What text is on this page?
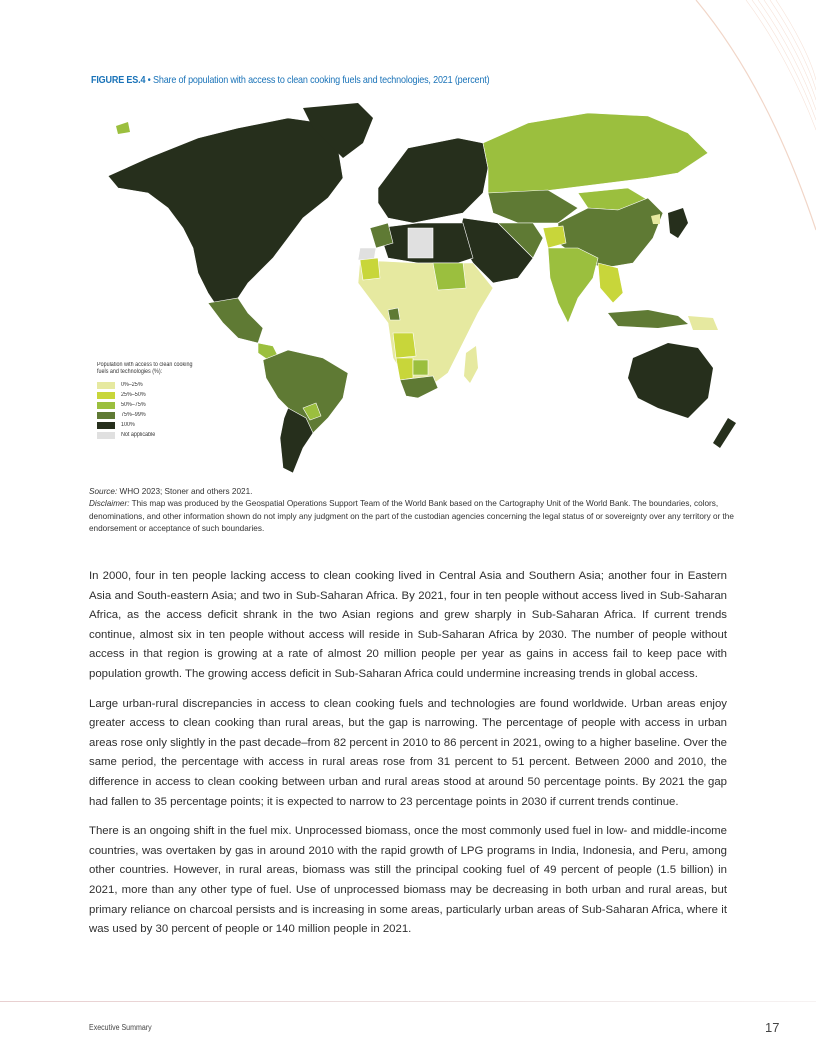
FIGURE ES.4 • Share of population with access to clean cooking fuels and technologies, 2021 (percent)
Population with access to clean cooking fuels and technologies (%):
0%–25%
25%–50%
50%–75%
75%–99%
100%
Not applicable
Source: WHO 2023; Stoner and others 2021.
Disclaimer: This map was produced by the Geospatial Operations Support Team of the World Bank based on the Cartography Unit of the World Bank. The boundaries, colors, denominations, and other information shown do not imply any judgment on the part of the custodian agencies concerning the legal status of or sovereignty over any territory or the endorsement or acceptance of such boundaries.

In 2000, four in ten people lacking access to clean cooking lived in Central Asia and Southern Asia; another four in Eastern Asia and South-eastern Asia; and two in Sub-Saharan Africa. By 2021, four in ten people without access lived in Sub-Saharan Africa, as the access deficit shrank in the two Asian regions and grew sharply in Sub-Saharan Africa. If current trends continue, almost six in ten people without access will reside in Sub-Saharan Africa by 2030. The number of people without access in that region is growing at a rate of almost 20 million people per year as gains in access fail to keep pace with population growth. The growing access deficit in Sub-Saharan Africa could undermine increasing trends in global access.

Large urban-rural discrepancies in access to clean cooking fuels and technologies are found worldwide. Urban areas enjoy greater access to clean cooking than rural areas, but the gap is narrowing. The percentage of people with access in urban areas rose only slightly in the past decade–from 82 percent in 2010 to 86 percent in 2021, owing to a higher baseline. Over the same period, the percentage with access in rural areas rose from 31 percent to 51 percent. Between 2000 and 2010, the difference in access to clean cooking between urban and rural areas stood at around 50 percentage points. By 2021 the gap had fallen to 35 percentage points; it is expected to narrow to 23 percentage points in 2030 if current trends continue.

There is an ongoing shift in the fuel mix. Unprocessed biomass, once the most commonly used fuel in low- and middle-income countries, was overtaken by gas in around 2010 with the rapid growth of LPG programs in India, Indonesia, and Peru, among other countries. However, in rural areas, biomass was still the principal cooking fuel of 49 percent of people (1.5 billion) in 2021, more than any other type of fuel. Use of unprocessed biomass may be decreasing in both urban and rural areas, but primary reliance on charcoal persists and is increasing in some areas, particularly urban areas of Sub-Saharan Africa, where it was used by 30 percent of people or 140 million people in 2021.

Executive Summary	17
